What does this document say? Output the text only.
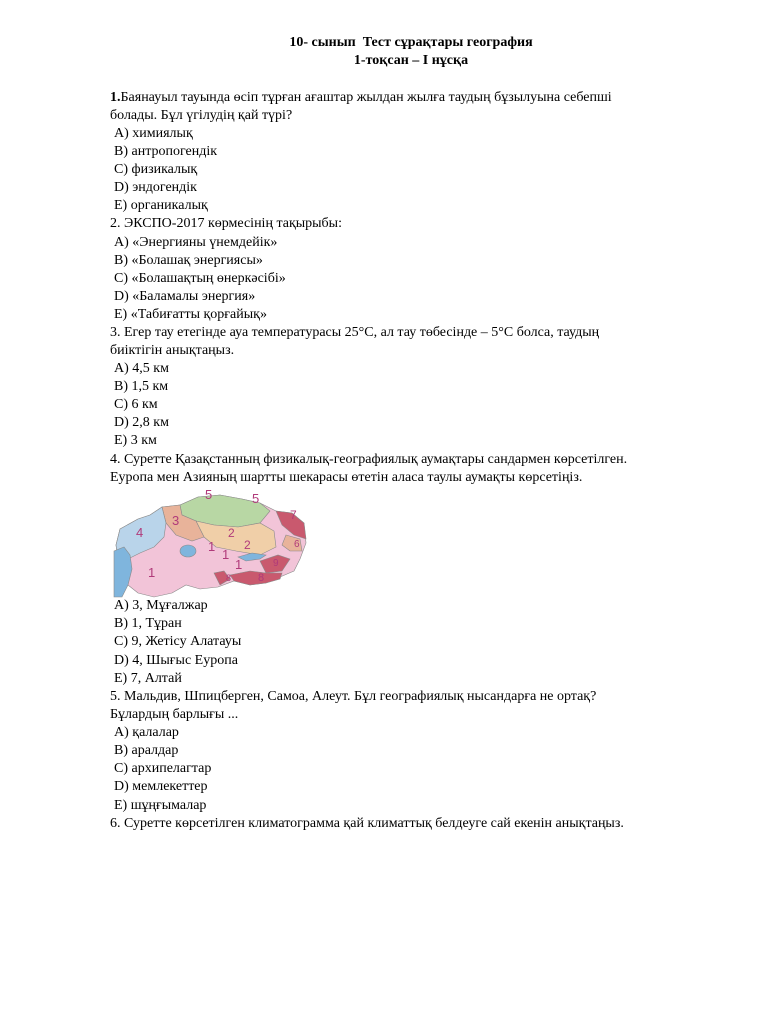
10- сынып  Тест сұрақтары география
1-тоқсан – І нұсқа
1.Баянауыл тауында өсіп тұрған ағаштар жылдан жылға таудың бұзылуына себепші
болады. Бұл үгілудің қай түрі?
A) химиялық
B) антропогендік
C) физикалық
D) эндогендік
E) органикалық
2. ЭКСПО-2017 көрмесінің тақырыбы:
A) «Энергияны үнемдейік»
B) «Болашақ энергиясы»
C) «Болашақтың өнеркәсібі»
D) «Баламалы энергия»
E) «Табиғатты қорғайық»
3. Егер тау етегінде ауа температурасы 25°С, ал тау төбесінде – 5°С болса, таудың
биіктігін анықтаңыз.
A) 4,5 км
B) 1,5 км
C) 6 км
D) 2,8 км
E) 3 км
4. Суретте Қазақстанның физикалық-географиялық аумақтары сандармен көрсетілген.
Еуропа мен Азияның шартты шекарасы өтетін аласа таулы аумақты көрсетіңіз.
5	5
2
3
4
7
6
1
1
1
2
1	9
8
8
A) 3, Мұғалжар
B) 1, Тұран
C) 9, Жетісу Алатауы
D) 4, Шығыс Еуропа
E) 7, Алтай
5. Мальдив, Шпицберген, Самоа, Алеут. Бұл географиялық нысандарға не ортақ?
Бұлардың барлығы ...
A) қалалар
B) аралдар
C) архипелагтар
D) мемлекеттер
E) шұңғымалар
6. Суретте көрсетілген климатограмма қай климаттық белдеуге сай екенін анықтаңыз.
